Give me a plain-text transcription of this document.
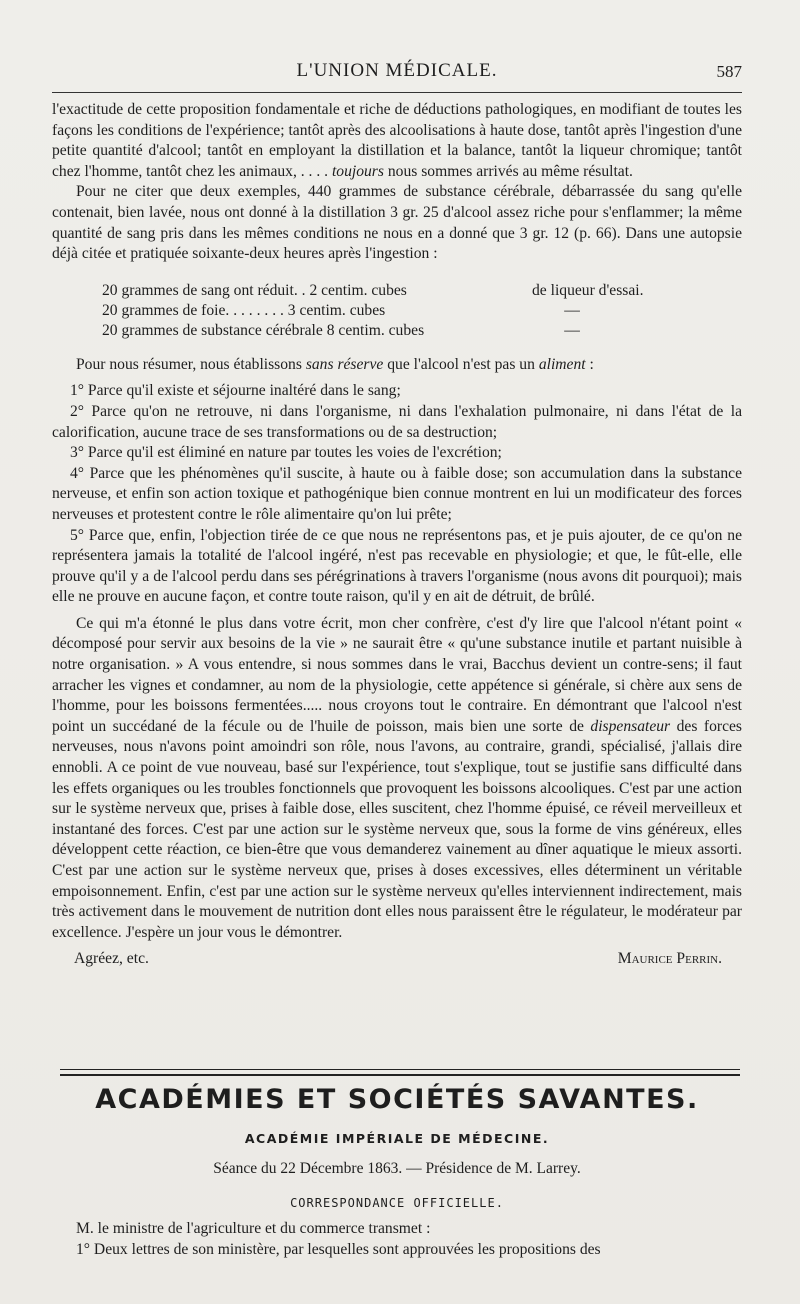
L'UNION MÉDICALE.	587

l'exactitude de cette proposition fondamentale et riche de déductions pathologiques, en modifiant de toutes les façons les conditions de l'expérience; tantôt après des alcoolisations à haute dose, tantôt après l'ingestion d'une petite quantité d'alcool; tantôt en employant la distillation et la balance, tantôt la liqueur chromique; tantôt chez l'homme, tantôt chez les animaux, . . . . toujours nous sommes arrivés au même résultat.

Pour ne citer que deux exemples, 440 grammes de substance cérébrale, débarrassée du sang qu'elle contenait, bien lavée, nous ont donné à la distillation 3 gr. 25 d'alcool assez riche pour s'enflammer; la même quantité de sang pris dans les mêmes conditions ne nous en a donné que 3 gr. 12 (p. 66). Dans une autopsie déjà citée et pratiquée soixante-deux heures après l'ingestion :

20 grammes de sang ont réduit. . 2 centim. cubes	de liqueur d'essai.
20 grammes de foie. . . . . . . . 3 centim. cubes	—
20 grammes de substance cérébrale 8 centim. cubes	—

Pour nous résumer, nous établissons sans réserve que l'alcool n'est pas un aliment :

1° Parce qu'il existe et séjourne inaltéré dans le sang;

2° Parce qu'on ne retrouve, ni dans l'organisme, ni dans l'exhalation pulmonaire, ni dans l'état de la calorification, aucune trace de ses transformations ou de sa destruction;

3° Parce qu'il est éliminé en nature par toutes les voies de l'excrétion;

4° Parce que les phénomènes qu'il suscite, à haute ou à faible dose; son accumulation dans la substance nerveuse, et enfin son action toxique et pathogénique bien connue montrent en lui un modificateur des forces nerveuses et protestent contre le rôle alimentaire qu'on lui prête;

5° Parce que, enfin, l'objection tirée de ce que nous ne représentons pas, et je puis ajouter, de ce qu'on ne représentera jamais la totalité de l'alcool ingéré, n'est pas recevable en physiologie; et que, le fût-elle, elle prouve qu'il y a de l'alcool perdu dans ses pérégrinations à travers l'organisme (nous avons dit pourquoi); mais elle ne prouve en aucune façon, et contre toute raison, qu'il y en ait de détruit, de brûlé.

Ce qui m'a étonné le plus dans votre écrit, mon cher confrère, c'est d'y lire que l'alcool n'étant point « décomposé pour servir aux besoins de la vie » ne saurait être « qu'une substance inutile et partant nuisible à notre organisation. » A vous entendre, si nous sommes dans le vrai, Bacchus devient un contre-sens; il faut arracher les vignes et condamner, au nom de la physiologie, cette appétence si générale, si chère aux sens de l'homme, pour les boissons fermentées..... nous croyons tout le contraire. En démontrant que l'alcool n'est point un succédané de la fécule ou de l'huile de poisson, mais bien une sorte de dispensateur des forces nerveuses, nous n'avons point amoindri son rôle, nous l'avons, au contraire, grandi, spécialisé, j'allais dire ennobli. A ce point de vue nouveau, basé sur l'expérience, tout s'explique, tout se justifie sans difficulté dans les effets organiques ou les troubles fonctionnels que provoquent les boissons alcooliques. C'est par une action sur le système nerveux que, prises à faible dose, elles suscitent, chez l'homme épuisé, ce réveil merveilleux et instantané des forces. C'est par une action sur le système nerveux que, sous la forme de vins généreux, elles développent cette réaction, ce bien-être que vous demanderez vainement au dîner aquatique le mieux assorti. C'est par une action sur le système nerveux que, prises à doses excessives, elles déterminent un véritable empoisonnement. Enfin, c'est par une action sur le système nerveux qu'elles interviennent indirectement, mais très activement dans le mouvement de nutrition dont elles nous paraissent être le régulateur, le modérateur par excellence. J'espère un jour vous le démontrer.

Agréez, etc.	Maurice Perrin.
ACADÉMIES ET SOCIÉTÉS SAVANTES.
ACADÉMIE IMPÉRIALE DE MÉDECINE.
Séance du 22 Décembre 1863. — Présidence de M. Larrey.
CORRESPONDANCE OFFICIELLE.

M. le ministre de l'agriculture et du commerce transmet :

1° Deux lettres de son ministère, par lesquelles sont approuvées les propositions des
